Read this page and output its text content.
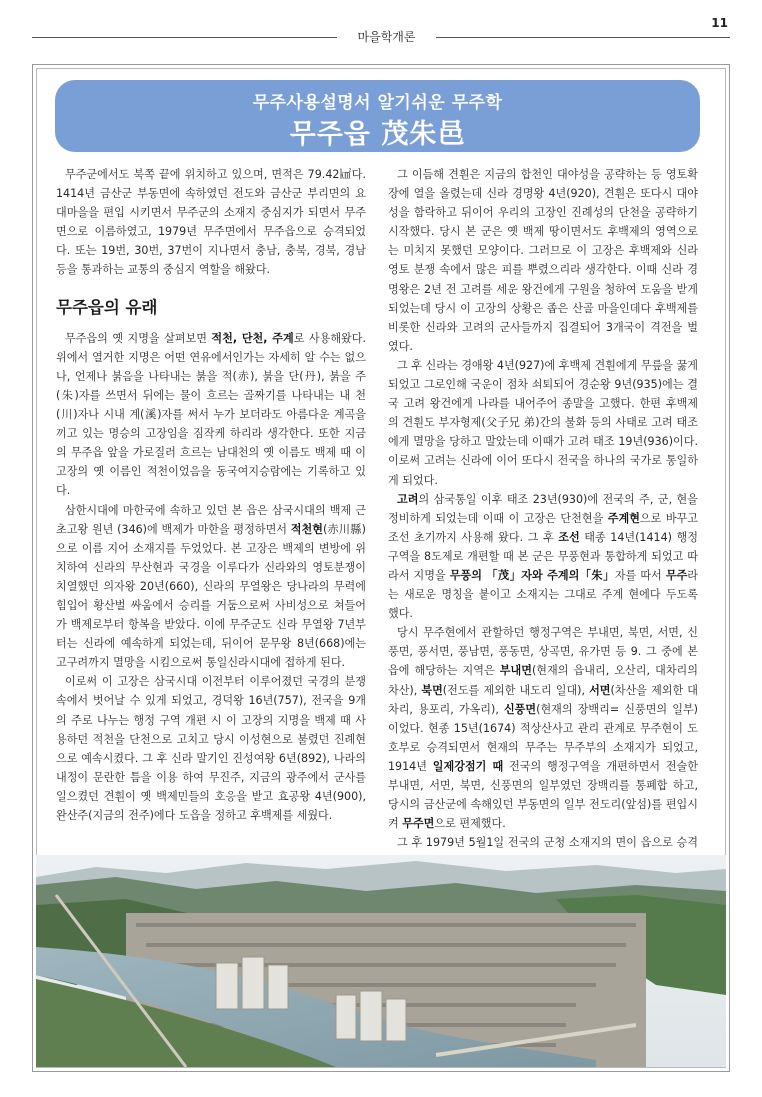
11
마을학개론
무주사용설명서 알기쉬운 무주학
무주읍 茂朱邑

무주군에서도 북쪽 끝에 위치하고 있으며, 면적은 79.42㎢다. 1414년 금산군 부동면에 속하였던 전도와 금산군 부리면의 요대마을을 편입 시키면서 무주군의 소재지 중심지가 되면서 무주면으로 이름하였고, 1979년 무주면에서 무주읍으로 승격되었다. 또는 19번, 30번, 37번이 지나면서 충남, 충북, 경북, 경남 등을 통과하는 교통의 중심지 역할을 해왔다.

무주읍의 유래

무주읍의 옛 지명을 살펴보면 적천, 단천, 주계로 사용해왔다. 위에서 열거한 지명은 어떤 연유에서인가는 자세히 알 수는 없으나, 언제나 붉음을 나타내는 붉을 적(赤), 붉을 단(丹), 붉을 주(朱)자를 쓰면서 뒤에는 물이 흐르는 골짜기를 나타내는 내 천(川)자나 시내 계(溪)자를 써서 누가 보더라도 아름다운 계곡을 끼고 있는 명승의 고장임을 짐작케 하리라 생각한다. 또한 지금의 무주읍 앞을 가로질러 흐르는 남대천의 옛 이름도 백제 때 이 고장의 옛 이름인 적천이었음을 동국여지승람에는 기록하고 있다.

삼한시대에 마한국에 속하고 있던 본 읍은 삼국시대의 백제 근초고왕 원년 (346)에 백제가 마한을 평정하면서 적천현(赤川縣)으로 이름 지어 소재지를 두었었다. 본 고장은 백제의 변방에 위치하여 신라의 무산현과 국경을 이루다가 신라와의 영토분쟁이 치열했던 의자왕 20년(660), 신라의 무열왕은 당나라의 무력에 힘입어 황산벌 싸움에서 승리를 거둠으로써 사비성으로 쳐들어가 백제로부터 항복을 받았다. 이에 무주군도 신라 무열왕 7년부터는 신라에 예속하게 되었는데, 뒤이어 문무왕 8년(668)에는 고구려까지 멸망을 시킴으로써 통일신라시대에 접하게 된다.

이로써 이 고장은 삼국시대 이전부터 이루어졌던 국경의 분쟁 속에서 벗어날 수 있게 되었고, 경덕왕 16년(757), 전국을 9개의 주로 나누는 행정 구역 개편 시 이 고장의 지명을 백제 때 사용하던 적천을 단천으로 고치고 당시 이성현으로 불렸던 진례현으로 예속시켰다. 그 후 신라 말기인 진성여왕 6년(892), 나라의 내정이 문란한 틈을 이용 하여 무진주, 지금의 광주에서 군사를 일으켰던 견훤이 옛 백제민들의 호응을 받고 효공왕 4년(900), 완산주(지금의 전주)에다 도읍을 정하고 후백제를 세웠다.

그 이듬해 견훤은 지금의 합천인 대야성을 공략하는 등 영토확장에 열을 올렸는데 신라 경명왕 4년(920), 견훤은 또다시 대야성을 함락하고 뒤이어 우리의 고장인 진례성의 단천을 공략하기 시작했다. 당시 본 군은 옛 백제 땅이면서도 후백제의 영역으로는 미치지 못했던 모양이다. 그러므로 이 고장은 후백제와 신라 영토 분쟁 속에서 많은 피를 뿌렸으리라 생각한다. 이때 신라 경명왕은 2년 전 고려를 세운 왕건에게 구원을 청하여 도움을 받게 되었는데 당시 이 고장의 상황은 좁은 산골 마을인데다 후백제를 비롯한 신라와 고려의 군사들까지 집결되어 3개국이 격전을 벌였다.

그 후 신라는 경애왕 4년(927)에 후백제 견훤에게 무릎을 꿇게 되었고 그로인해 국운이 점차 쇠퇴되어 경순왕 9년(935)에는 결국 고려 왕건에게 나라를 내어주어 종말을 고했다. 한편 후백제의 견훤도 부자형제(父子兄 弟)간의 불화 등의 사태로 고려 태조에게 멸망을 당하고 말았는데 이때가 고려 태조 19년(936)이다. 이로써 고려는 신라에 이어 또다시 전국을 하나의 국가로 통일하게 되었다.

고려의 삼국통일 이후 태조 23년(930)에 전국의 주, 군, 현을 정비하게 되었는데 이때 이 고장은 단천현을 주계현으로 바꾸고 조선 초기까지 사용해 왔다. 그 후 조선 태종 14년(1414) 행정구역을 8도제로 개편할 때 본 군은 무풍현과 통합하게 되었고 따라서 지명을 무풍의 「茂」자와 주계의「朱」자를 따서 무주라는 새로운 명칭을 붙이고 소재지는 그대로 주계 현에다 두도록 했다.

당시 무주현에서 관할하던 행정구역은 부내면, 북면, 서면, 신풍면, 풍서면, 풍남면, 풍동면, 상곡면, 유가면 등 9. 그 중에 본 읍에 해당하는 지역은 부내면(현재의 읍내리, 오산리, 대차리의 차산), 북면(전도를 제외한 내도리 일대), 서면(차산을 제외한 대차리, 용포리, 가옥리), 신풍면(현재의 장백리= 신풍면의 일부)이었다. 현종 15년(1674) 적상산사고 관리 관계로 무주현이 도호부로 승격되면서 현재의 무주는 무주부의 소재지가 되었고, 1914년 일제강점기 때 전국의 행정구역을 개편하면서 전술한 부내면, 서면, 북면, 신풍면의 일부였던 장백리를 통폐합 하고, 당시의 금산군에 속해있던 부동면의 일부 전도리(앞섬)를 편입시켜 무주면으로 편제했다.

그 후 1979년 5월1일 전국의 군청 소재지의 면이 읍으로 승격
